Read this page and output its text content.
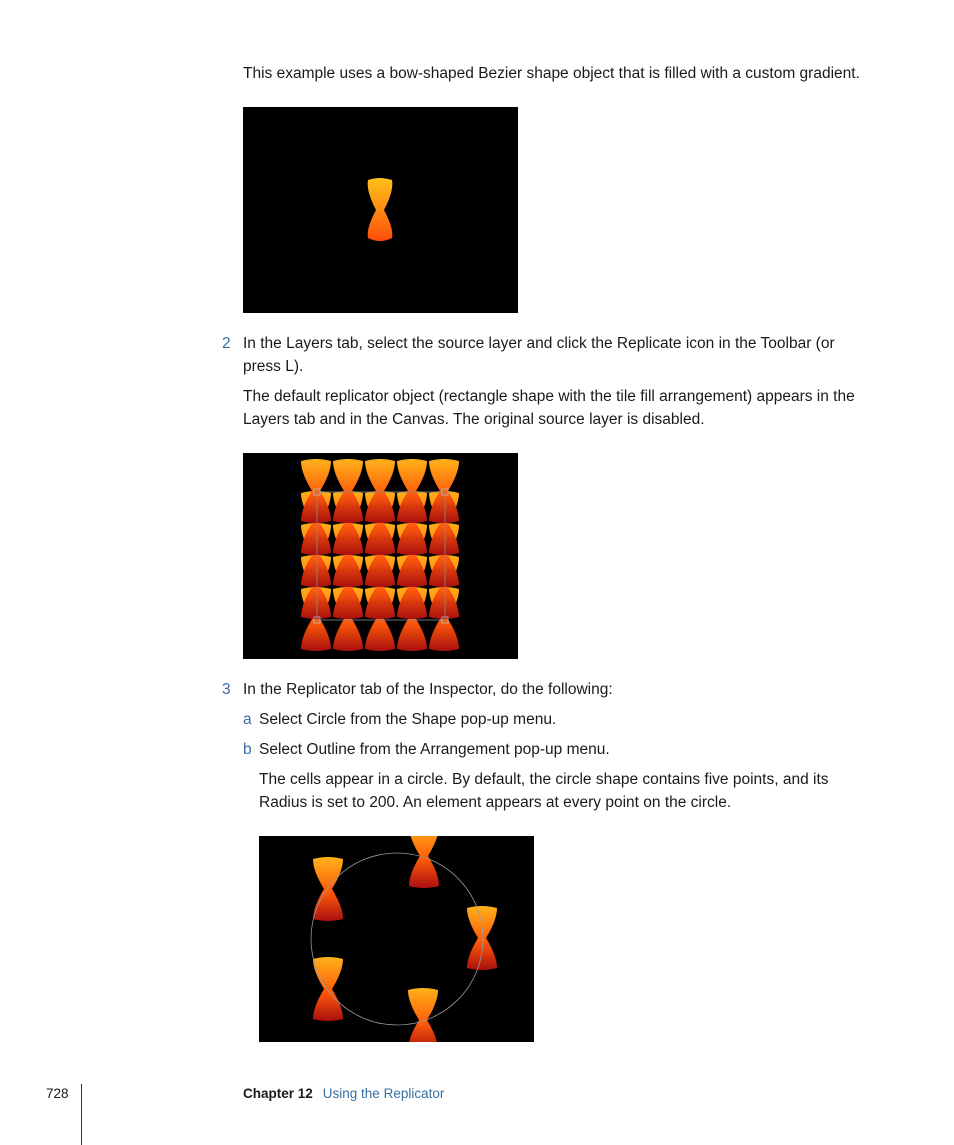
This example uses a bow-shaped Bezier shape object that is filled with a custom gradient.

2 In the Layers tab, select the source layer and click the Replicate icon in the Toolbar (or press L).

The default replicator object (rectangle shape with the tile fill arrangement) appears in the Layers tab and in the Canvas. The original source layer is disabled.

3 In the Replicator tab of the Inspector, do the following:

a Select Circle from the Shape pop-up menu.

b Select Outline from the Arrangement pop-up menu.

The cells appear in a circle. By default, the circle shape contains five points, and its Radius is set to 200. An element appears at every point on the circle.

728	Chapter 12 Using the Replicator
